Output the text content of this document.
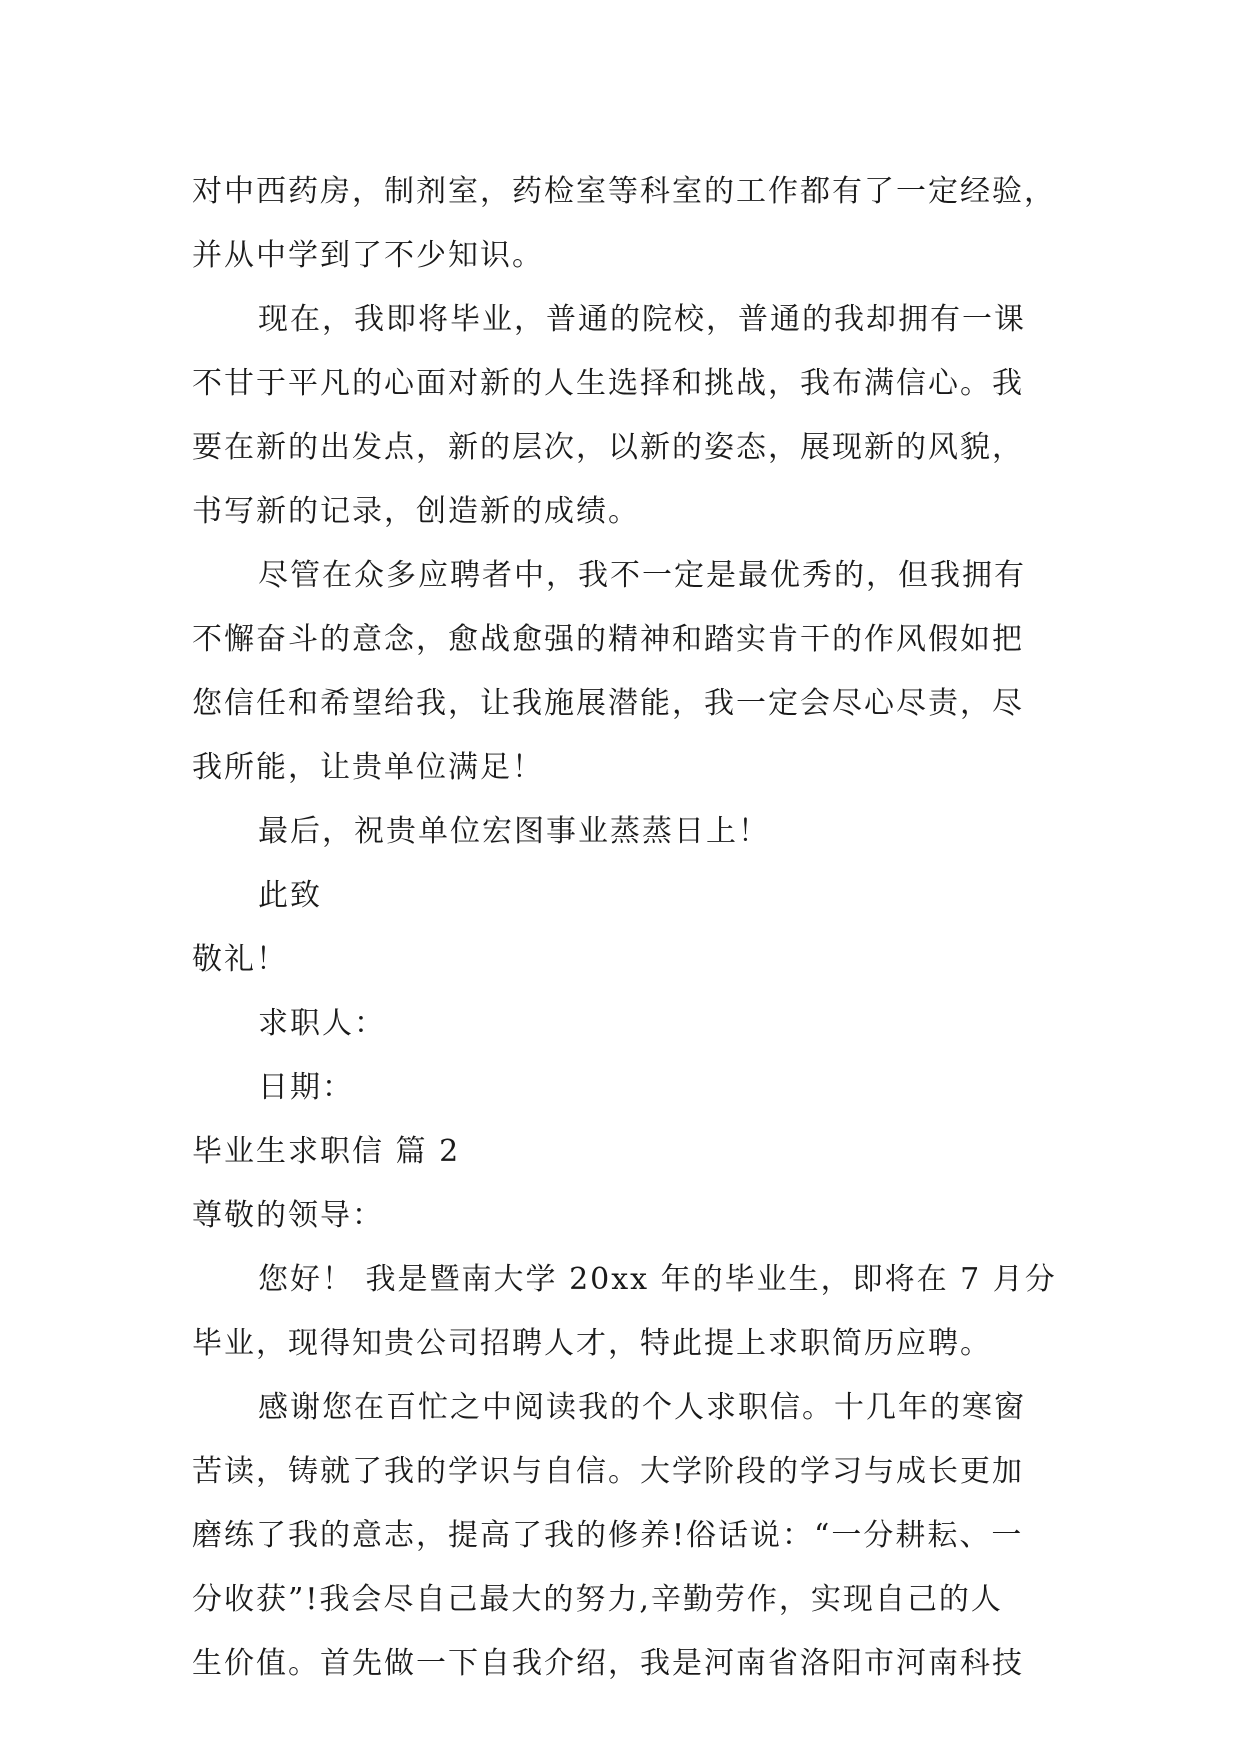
对中西药房，制剂室，药检室等科室的工作都有了一定经验，
并从中学到了不少知识。
现在，我即将毕业，普通的院校，普通的我却拥有一课
不甘于平凡的心面对新的人生选择和挑战，我布满信心。我
要在新的出发点，新的层次，以新的姿态，展现新的风貌，
书写新的记录，创造新的成绩。
尽管在众多应聘者中，我不一定是最优秀的，但我拥有
不懈奋斗的意念，愈战愈强的精神和踏实肯干的作风假如把
您信任和希望给我，让我施展潜能，我一定会尽心尽责，尽
我所能，让贵单位满足！
最后，祝贵单位宏图事业蒸蒸日上！
此致
敬礼！
求职人：
日期：
毕业生求职信 篇 2
尊敬的领导：
您好！ 我是暨南大学 20xx 年的毕业生，即将在 7 月分
毕业，现得知贵公司招聘人才，特此提上求职简历应聘。
感谢您在百忙之中阅读我的个人求职信。十几年的寒窗
苦读，铸就了我的学识与自信。大学阶段的学习与成长更加
磨练了我的意志，提高了我的修养!俗话说：“一分耕耘、一
分收获”!我会尽自己最大的努力,辛勤劳作，实现自己的人
生价值。首先做一下自我介绍，我是河南省洛阳市河南科技
